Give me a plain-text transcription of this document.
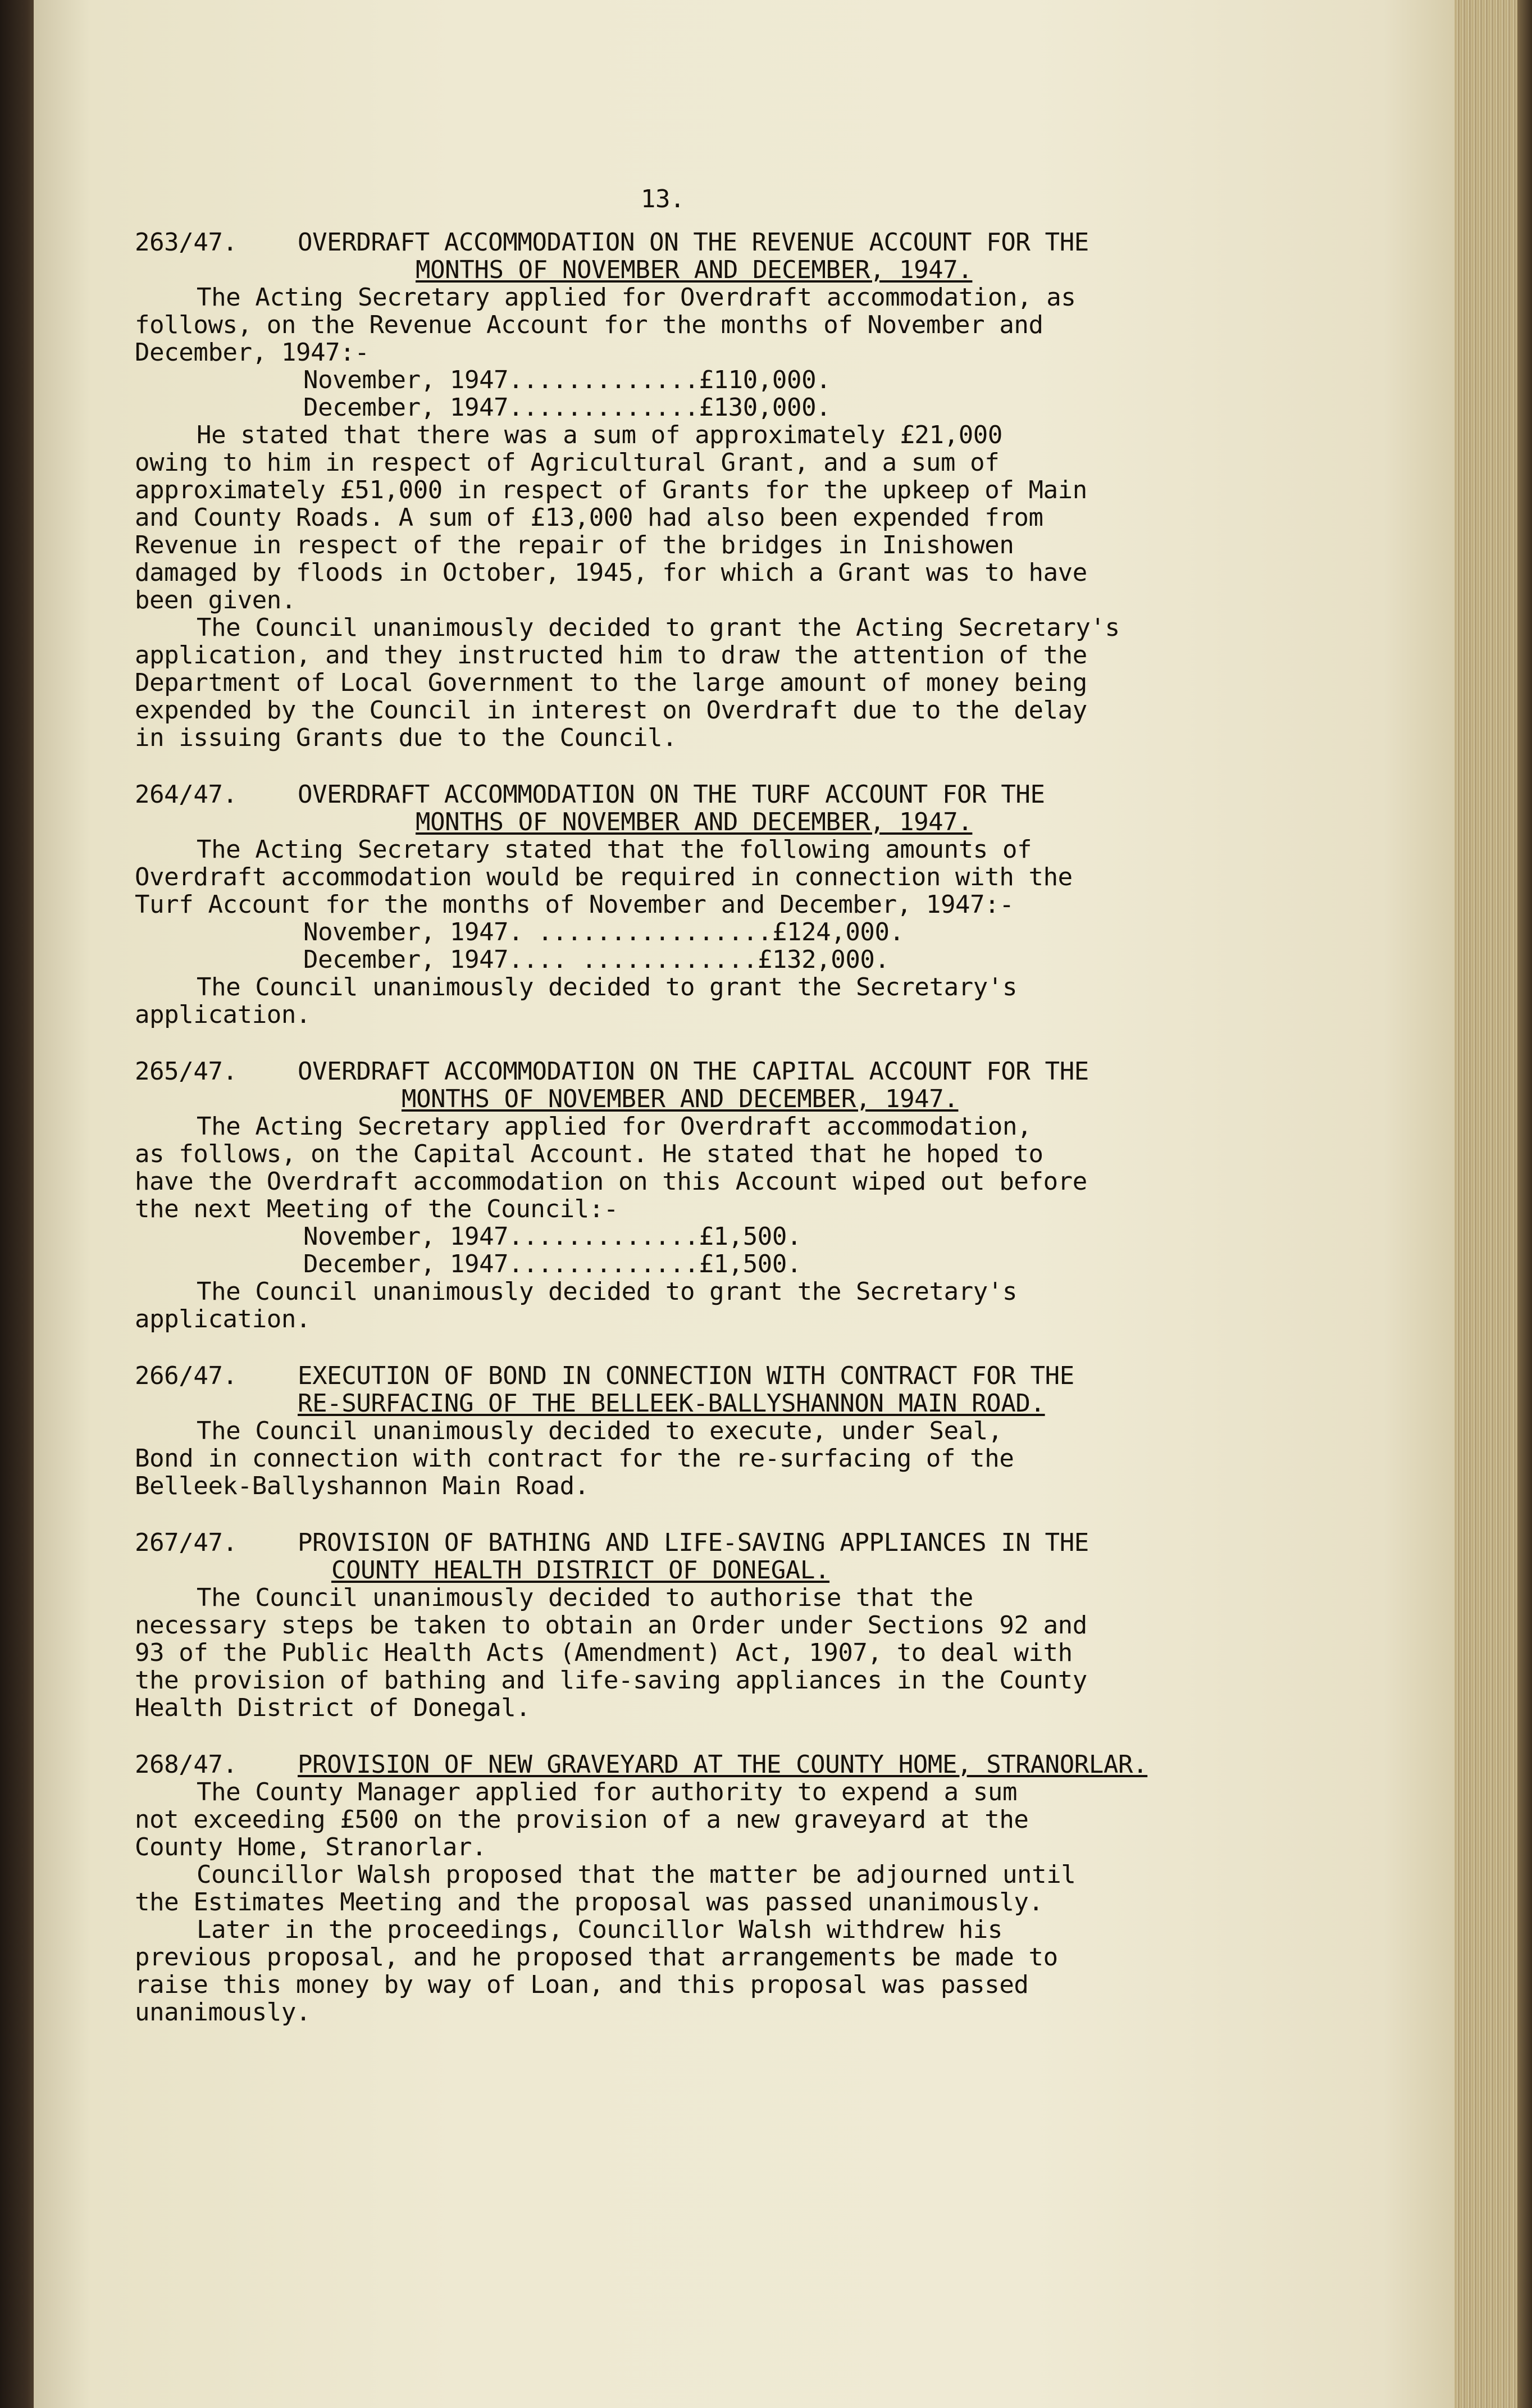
13.
263/47.	OVERDRAFT ACCOMMODATION ON THE REVENUE ACCOUNT FOR THE
MONTHS OF NOVEMBER AND DECEMBER, 1947.

The Acting Secretary applied for Overdraft accommodation, as

follows, on the Revenue Account for the months of November and

December, 1947:-

November, 1947.............£110,000.

December, 1947.............£130,000.

He stated that there was a sum of approximately £21,000

owing to him in respect of Agricultural Grant, and a sum of

approximately £51,000 in respect of Grants for the upkeep of Main

and County Roads. A sum of £13,000 had also been expended from

Revenue in respect of the repair of the bridges in Inishowen

damaged by floods in October, 1945, for which a Grant was to have

been given.

The Council unanimously decided to grant the Acting Secretary's

application, and they instructed him to draw the attention of the

Department of Local Government to the large amount of money being

expended by the Council in interest on Overdraft due to the delay

in issuing Grants due to the Council.

264/47.	OVERDRAFT ACCOMMODATION ON THE TURF ACCOUNT FOR THE
MONTHS OF NOVEMBER AND DECEMBER, 1947.

The Acting Secretary stated that the following amounts of

Overdraft accommodation would be required in connection with the

Turf Account for the months of November and December, 1947:-

November, 1947. ................£124,000.

December, 1947.... ............£132,000.

The Council unanimously decided to grant the Secretary's

application.

265/47.	OVERDRAFT ACCOMMODATION ON THE CAPITAL ACCOUNT FOR THE
MONTHS OF NOVEMBER AND DECEMBER, 1947.

The Acting Secretary applied for Overdraft accommodation,

as follows, on the Capital Account. He stated that he hoped to

have the Overdraft accommodation on this Account wiped out before

the next Meeting of the Council:-

November, 1947.............£1,500.

December, 1947.............£1,500.

The Council unanimously decided to grant the Secretary's

application.

266/47.	EXECUTION OF BOND IN CONNECTION WITH CONTRACT FOR THE
RE-SURFACING OF THE BELLEEK-BALLYSHANNON MAIN ROAD.

The Council unanimously decided to execute, under Seal,

Bond in connection with contract for the re-surfacing of the

Belleek-Ballyshannon Main Road.

267/47.	PROVISION OF BATHING AND LIFE-SAVING APPLIANCES IN THE
COUNTY HEALTH DISTRICT OF DONEGAL.

The Council unanimously decided to authorise that the

necessary steps be taken to obtain an Order under Sections 92 and

93 of the Public Health Acts (Amendment) Act, 1907, to deal with

the provision of bathing and life-saving appliances in the County

Health District of Donegal.

268/47.	PROVISION OF NEW GRAVEYARD AT THE COUNTY HOME, STRANORLAR.

The County Manager applied for authority to expend a sum

not exceeding £500 on the provision of a new graveyard at the

County Home, Stranorlar.

Councillor Walsh proposed that the matter be adjourned until

the Estimates Meeting and the proposal was passed unanimously.

Later in the proceedings, Councillor Walsh withdrew his

previous proposal, and he proposed that arrangements be made to

raise this money by way of Loan, and this proposal was passed

unanimously.
